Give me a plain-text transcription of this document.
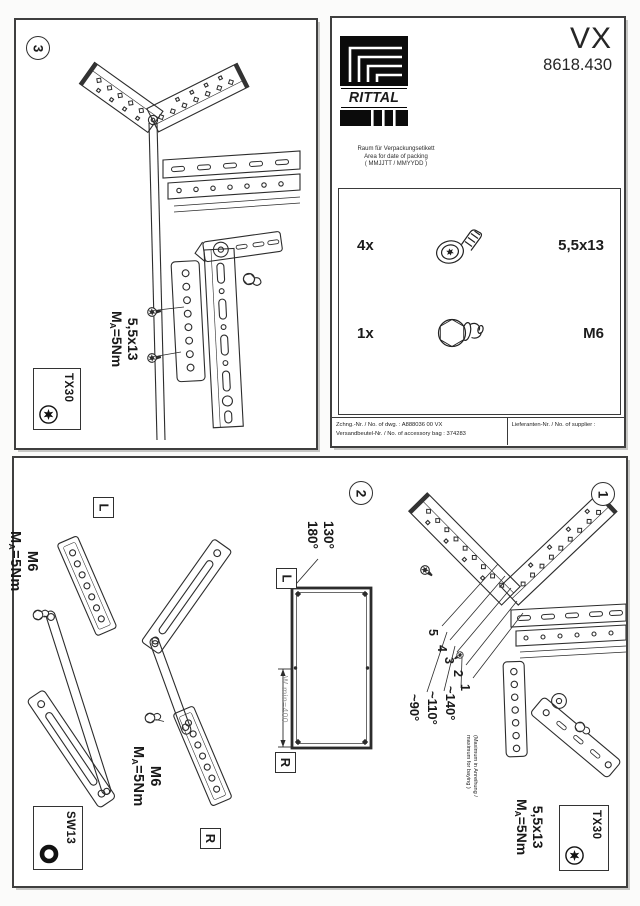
3
5,5x13
MA=5Nm
TX30
RITTAL
VX
8618.430
Raum für Verpackungsetikett
Area for date of packing
( MMJJTT / MMYYDD )
4x	5,5x13
1x	M6
Zchng.-Nr. / No. of dwg. : A888036 00 VX
Versandbeutel-Nr. / No. of accessory bag : 374283
Lieferanten-Nr. / No. of supplier :
2	1
L
R
M6
MA=5Nm
M6
MA=5Nm
SW13
L
R
130°
180°
W min=400
5
4
3
2
1
~140°
~110°
~90°
(Maximum in Anreihung /
maximum for baying )
5,5x13
MA=5Nm	TX30
